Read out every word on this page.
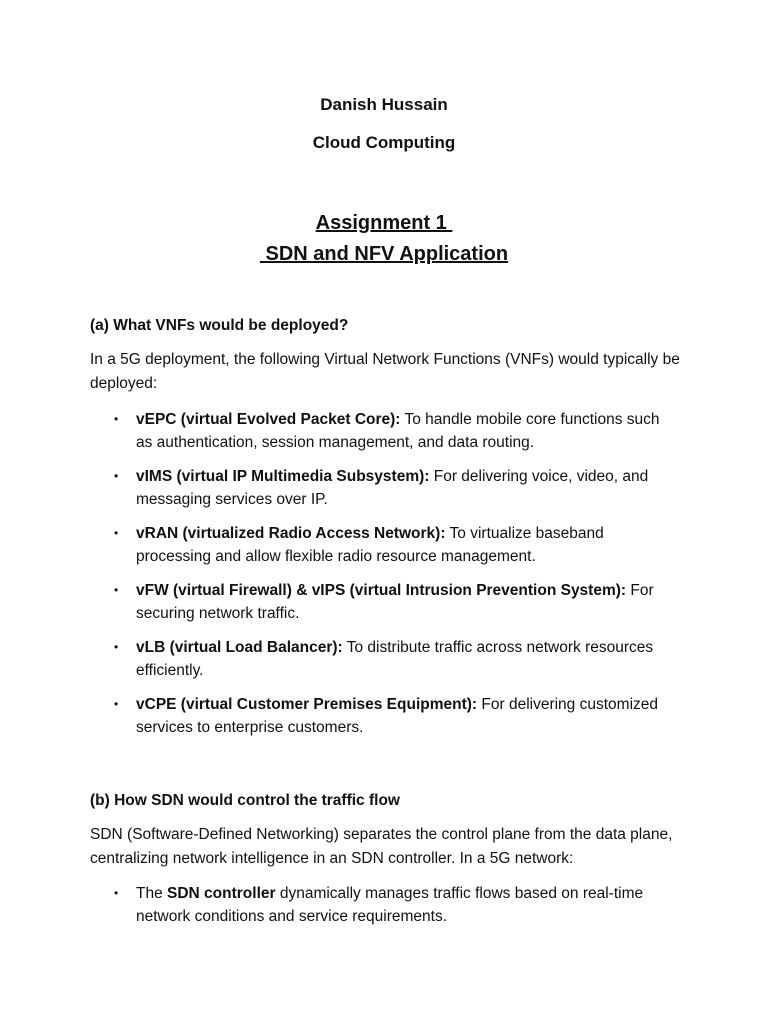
Danish Hussain
Cloud Computing
Assignment 1
SDN and NFV Application
(a) What VNFs would be deployed?
In a 5G deployment, the following Virtual Network Functions (VNFs) would typically be deployed:
• vEPC (virtual Evolved Packet Core): To handle mobile core functions such as authentication, session management, and data routing.
• vIMS (virtual IP Multimedia Subsystem): For delivering voice, video, and messaging services over IP.
• vRAN (virtualized Radio Access Network): To virtualize baseband processing and allow flexible radio resource management.
• vFW (virtual Firewall) & vIPS (virtual Intrusion Prevention System): For securing network traffic.
• vLB (virtual Load Balancer): To distribute traffic across network resources efficiently.
• vCPE (virtual Customer Premises Equipment): For delivering customized services to enterprise customers.
(b) How SDN would control the traffic flow
SDN (Software-Defined Networking) separates the control plane from the data plane, centralizing network intelligence in an SDN controller. In a 5G network:
• The SDN controller dynamically manages traffic flows based on real-time network conditions and service requirements.
